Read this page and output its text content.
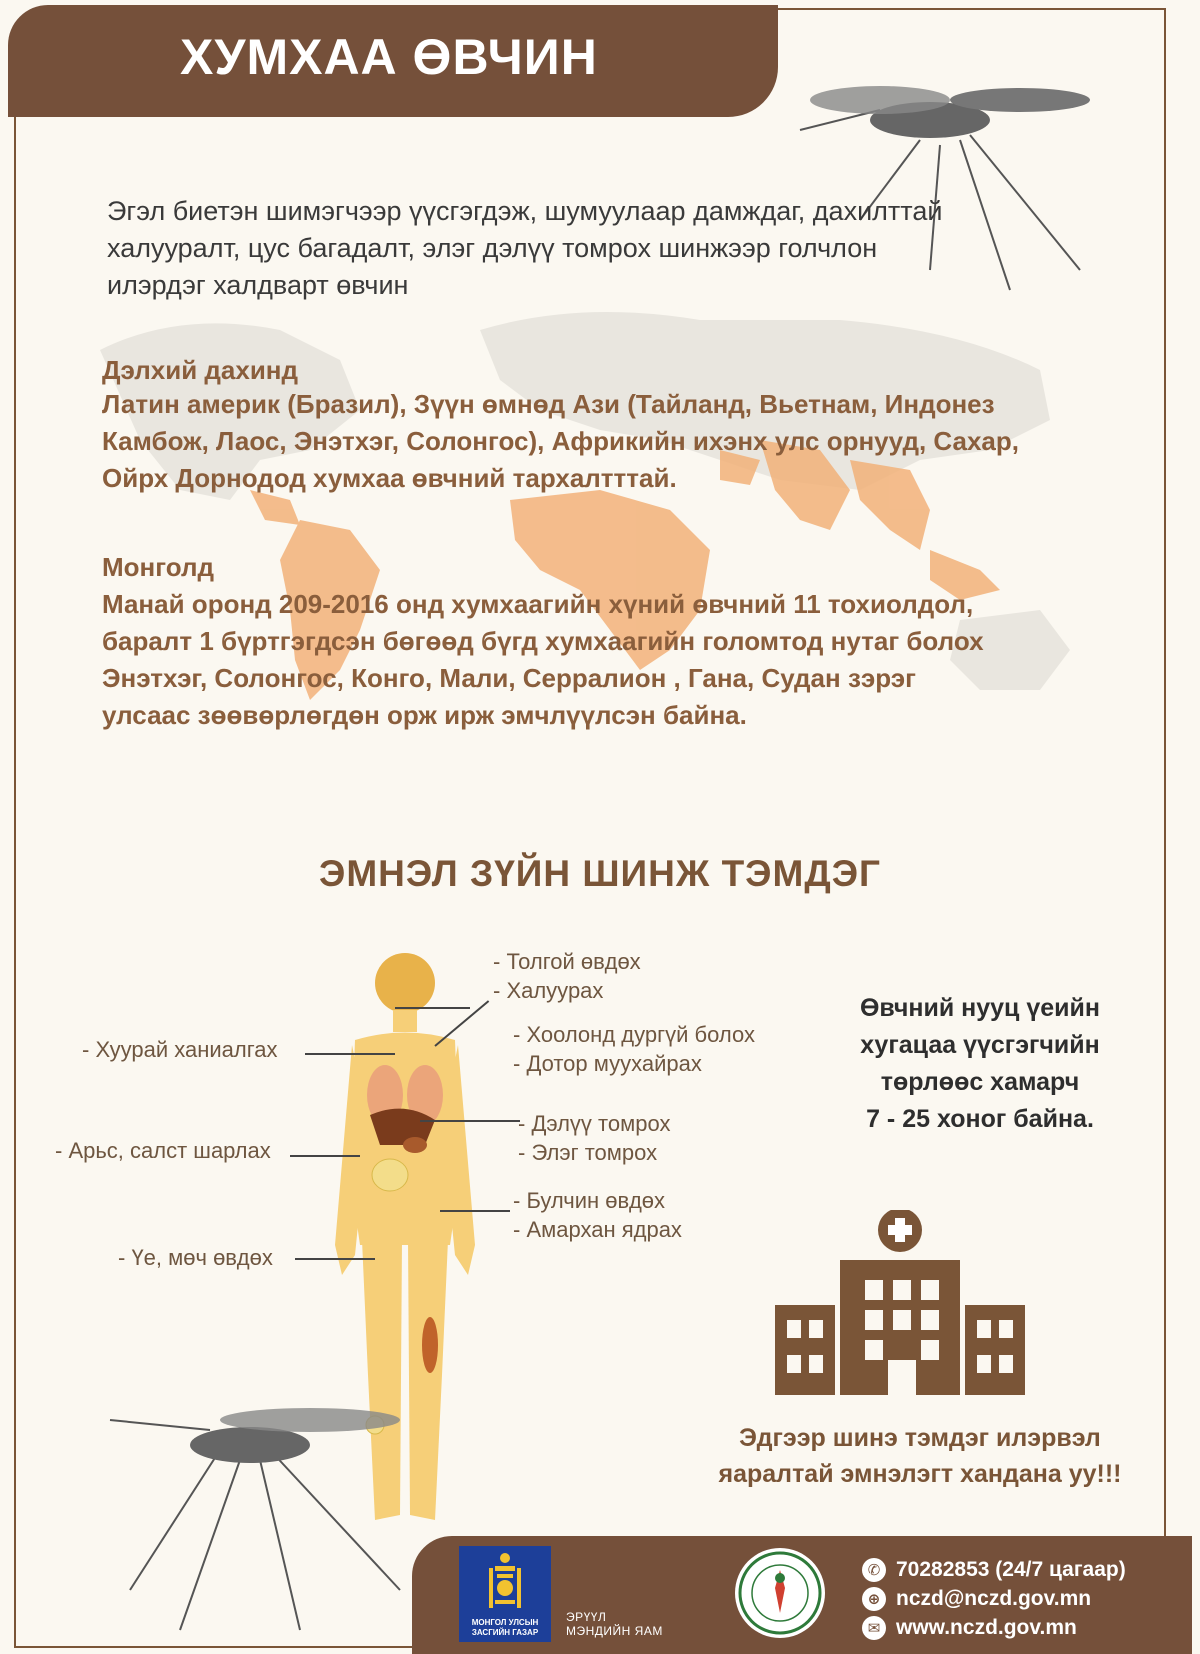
ХУМХАА ӨВЧИН
Эгэл биетэн шимэгчээр үүсгэгдэж, шумуулаар дамждаг, дахилттай
халууралт, цус багадалт, элэг дэлүү томрох шинжээр голчлон
илэрдэг халдварт өвчин
Дэлхий дахинд
Латин америк (Бразил), Зүүн өмнөд Ази (Тайланд, Вьетнам, Индонез
Камбож, Лаос, Энэтхэг, Солонгос), Африкийн ихэнх улс орнууд, Сахар,
Ойрх Дорнодод хумхаа өвчний тархалтттай.
Монголд
Манай оронд 209-2016 онд хумхаагийн хүний өвчний 11 тохиолдол,
баралт 1 бүртгэгдсэн бөгөөд бүгд хумхаагийн голомтод нутаг болох
Энэтхэг, Солонгос, Конго, Мали, Серралион , Гана, Судан зэрэг
улсаас зөөвөрлөгдөн орж ирж эмчлүүлсэн байна.
ЭМНЭЛ ЗҮЙН ШИНЖ ТЭМДЭГ
- Толгой өвдөх
- Халуурах
- Хоолонд дургүй болох
- Дотор муухайрах
- Дэлүү томрох
- Элэг томрох
- Булчин өвдөх
- Амархан ядрах
- Хуурай ханиалгах
- Арьс, салст шарлах
- Үе, мөч өвдөх
Өвчний нууц үеийн
хугацаа үүсгэгчийн
төрлөөс хамарч
7 - 25 хоног байна.
Эдгээр шинэ тэмдэг илэрвэл
яаралтай эмнэлэгт хандана уу!!!
МОНГОЛ УЛСЫН
ЗАСГИЙН ГАЗАР
ЭРҮҮЛ
МЭНДИЙН ЯАМ
✆ 70282853 (24/7 цагаар)
⊕ nczd@nczd.gov.mn
✉ www.nczd.gov.mn
